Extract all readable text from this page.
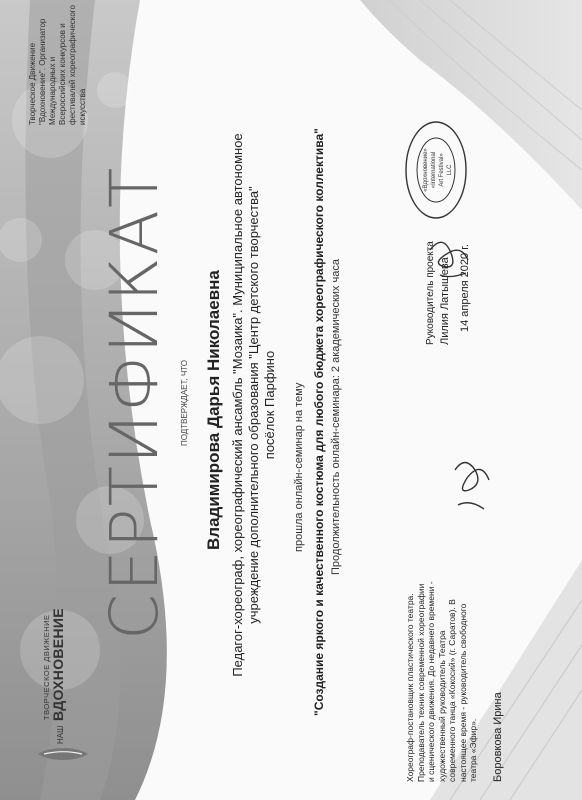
Творческое Движение "Вдохновение". Организатор Международных и Всероссийских конкурсов и фестивалей хореографического искусства
НАШ
ТВОРЧЕСКОЕ ДВИЖЕНИЕ ВДОХНОВЕНИЕ
СЕРТИФИКАТ ПОДТВЕРЖДАЕТ, ЧТО Владимирова Дарья Николаевна Педагог-хореограф, хореографический ансамбль "Мозаика". Муниципальное автономное учреждение дополнительного образования "Центр детского творчества" посёлок Парфино прошла онлайн-семинар на тему "Создание яркого и качественного костюма для любого бюджета хореографического коллектива" Продолжительность онлайн-семинара: 2 академических часа
Хореограф-постановщик пластического театра. Преподаватель техник современной хореографии и сценического движения. До недавнего времени - художественный руководитель Театра современного танца «Кокосий» (г. Саратов). В настоящее время - руководитель свободного театра «Эфир». Боровкова Ирина
Руководитель проекта Лилия Латышева 14 апреля 2020 г.
«Вдохновение» «International Art Festival» LLC
